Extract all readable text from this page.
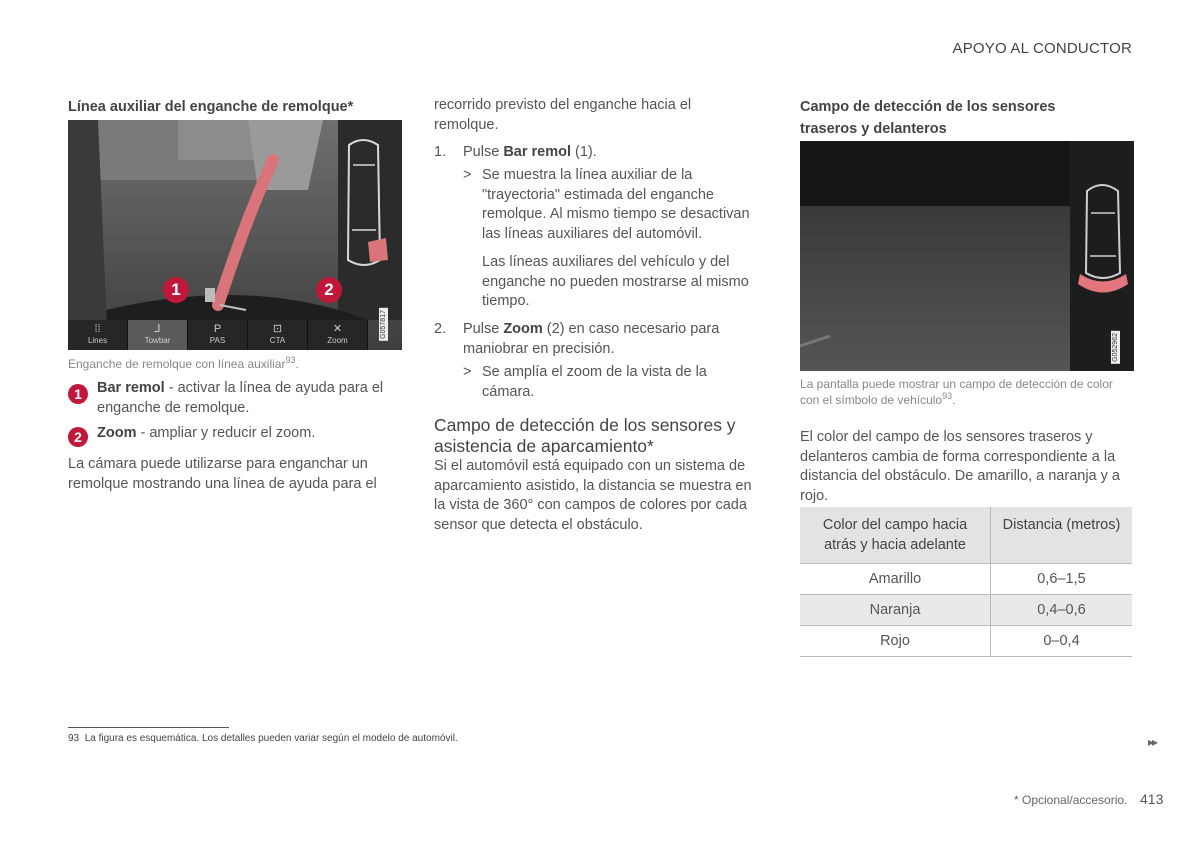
APOYO AL CONDUCTOR
Línea auxiliar del enganche de remolque*
1	2
⁞⁞
Lines
⅃
Towbar
P
PAS
⊡
CTA
✕
Zoom
G057817
Enganche de remolque con línea auxiliar$^{93}$.
1	Bar remol - activar la línea de ayuda para el enganche de remolque.
2	Zoom - ampliar y reducir el zoom.
La cámara puede utilizarse para enganchar un remolque mostrando una línea de ayuda para el
recorrido previsto del enganche hacia el remolque.
1.	Pulse Bar remol (1).
> Se muestra la línea auxiliar de la "trayectoria" estimada del enganche remolque. Al mismo tiempo se desactivan las líneas auxiliares del automóvil.
Las líneas auxiliares del vehículo y del enganche no pueden mostrarse al mismo tiempo.
2.	Pulse Zoom (2) en caso necesario para maniobrar en precisión.
> Se amplía el zoom de la vista de la cámara.
Campo de detección de los sensores y asistencia de aparcamiento*
Si el automóvil está equipado con un sistema de aparcamiento asistido, la distancia se muestra en la vista de 360° con campos de colores por cada sensor que detecta el obstáculo.
Campo de detección de los sensores traseros y delanteros
G052962
La pantalla puede mostrar un campo de detección de color con el símbolo de vehículo$^{93}$.
El color del campo de los sensores traseros y delanteros cambia de forma correspondiente a la distancia del obstáculo. De amarillo, a naranja y a rojo.
Color del campo hacia atrás y hacia adelante	Distancia (metros)
Amarillo	0,6–1,5
Naranja	0,4–0,6
Rojo	0–0,4
93 La figura es esquemática. Los detalles pueden variar según el modelo de automóvil.	▸▸
* Opcional/accesorio. 413
